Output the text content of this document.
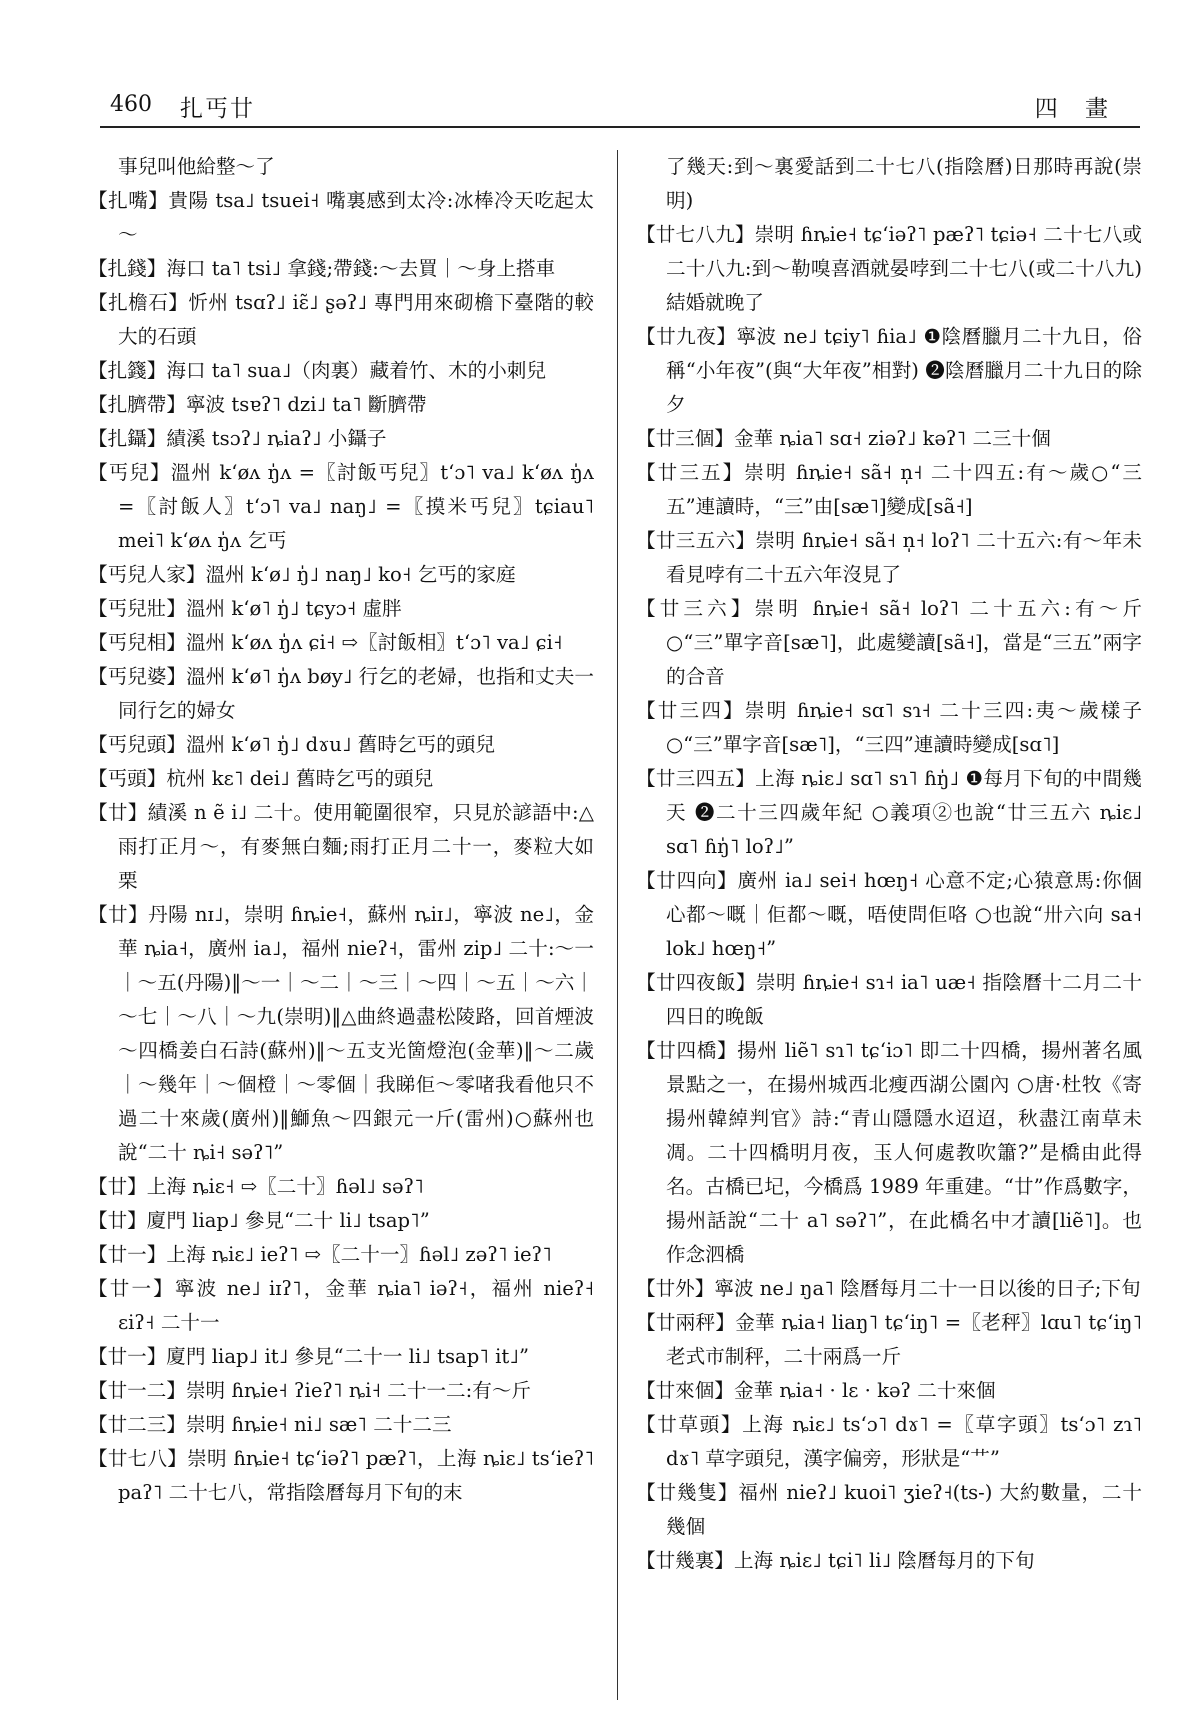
460 扎丐廿	四 畫

事兒叫他給整～了

【扎嘴】貴陽 tsa˩ tsuei˧ 嘴裏感到太冷:冰棒冷天吃起太～

【扎錢】海口 ta˥ tsi˩ 拿錢;帶錢:～去買｜～身上搭車

【扎檐石】忻州 tsɑʔ˩ iɛ̃˩ ʂəʔ˩ 專門用來砌檐下臺階的較大的石頭

【扎籛】海口 ta˥ sua˩（肉裏）藏着竹、木的小刺兒

【扎臍帶】寧波 tsɐʔ˥ dzi˩ ta˥ 斷臍帶

【扎鑷】績溪 tsɔʔ˩ ȵiaʔ˩ 小鑷子

【丐兒】溫州 kʻøʌ ŋ̍ʌ =〖討飯丐兒〗tʻɔ˥ va˩ kʻøʌ ŋ̍ʌ =〖討飯人〗tʻɔ˥ va˩ naŋ˩ =〖摸米丐兒〗tɕiau˥ mei˥ kʻøʌ ŋ̍ʌ 乞丐

【丐兒人家】溫州 kʻø˩ ŋ̍˩ naŋ˩ ko˧ 乞丐的家庭

【丐兒壯】溫州 kʻø˥ ŋ̍˩ tɕyɔ˧ 虛胖

【丐兒相】溫州 kʻøʌ ŋ̍ʌ ɕi˧ ⇨〖討飯相〗tʻɔ˥ va˩ ɕi˧

【丐兒婆】溫州 kʻø˥ ŋ̍ʌ bøy˩ 行乞的老婦，也指和丈夫一同行乞的婦女

【丐兒頭】溫州 kʻø˥ ŋ̍˩ dɤu˩ 舊時乞丐的頭兒

【丐頭】杭州 kɛ˥ dei˩ 舊時乞丐的頭兒

【廿】績溪 n ẽ i˩ 二十。使用範圍很窄，只見於諺語中:△雨打正月～，有麥無白麵;雨打正月二十一，麥粒大如栗

【廿】丹陽 nɪ˩，崇明 ɦȵie˧，蘇州 ȵiɪ˩，寧波 ne˩，金華 ȵia˧，廣州 ia˩，福州 nieʔ˧，雷州 zip˩ 二十:～一｜～五(丹陽)‖～一｜～二｜～三｜～四｜～五｜～六｜～七｜～八｜～九(崇明)‖△曲終過盡松陵路，回首煙波～四橋姜白石詩(蘇州)‖～五支光箇燈泡(金華)‖～二歲｜～幾年｜～個橙｜～零個｜我睇佢～零啫我看他只不過二十來歲(廣州)‖鰤魚～四銀元一斤(雷州)○蘇州也說“二十 ȵi˧ səʔ˥”

【廿】上海 ȵiɛ˧ ⇨〖二十〗ɦəl˩ səʔ˥

【廿】廈門 liap˩ 參見“二十 li˩ tsap˥”

【廿一】上海 ȵiɛ˩ ieʔ˥ ⇨〖二十一〗ɦəl˩ zəʔ˥ ieʔ˥

【廿一】寧波 ne˩ iɪʔ˥，金華 ȵia˥ iəʔ˧，福州 nieʔ˧ ɛiʔ˧ 二十一

【廿一】廈門 liap˩ it˩ 參見“二十一 li˩ tsap˥ it˩”

【廿一二】崇明 ɦȵie˧ ʔieʔ˥ ȵi˧ 二十一二:有～斤

【廿二三】崇明 ɦȵie˧ ni˩ sæ˥ 二十二三

【廿七八】崇明 ɦȵie˧ tɕʻiəʔ˥ pæʔ˥，上海 ȵiɛ˩ tsʻieʔ˥ paʔ˥ 二十七八，常指陰曆每月下旬的末

了幾天:到～裏愛話到二十七八(指陰曆)日那時再說(崇明)

【廿七八九】崇明 ɦȵie˧ tɕʻiəʔ˥ pæʔ˥ tɕiə˧ 二十七八或二十八九:到～勒嗅喜酒就晏哱到二十七八(或二十八九)結婚就晚了

【廿九夜】寧波 ne˩ tɕiy˥ ɦia˩ ❶陰曆臘月二十九日，俗稱“小年夜”(與“大年夜”相對) ❷陰曆臘月二十九日的除夕

【廿三個】金華 ȵia˥ sɑ˧ ziəʔ˩ kəʔ˥ 二三十個

【廿三五】崇明 ɦȵie˧ sã˧ n̩˧ 二十四五:有～歲○“三五”連讀時，“三”由[sæ˥]變成[sã˧]

【廿三五六】崇明 ɦȵie˧ sã˧ n̩˧ loʔ˥ 二十五六:有～年未看見哱有二十五六年沒見了

【廿三六】崇明 ɦȵie˧ sã˧ loʔ˥ 二十五六:有～斤○“三”單字音[sæ˥]，此處變讀[sã˧]，當是“三五”兩字的合音

【廿三四】崇明 ɦȵie˧ sɑ˥ sɿ˧ 二十三四:夷～歲樣子 ○“三”單字音[sæ˥]，“三四”連讀時變成[sɑ˥]

【廿三四五】上海 ȵiɛ˩ sɑ˥ sɿ˥ ɦŋ̍˩ ❶每月下旬的中間幾天 ❷二十三四歲年紀 ○義項②也說“廿三五六 ȵiɛ˩ sɑ˥ ɦŋ̍˥ loʔ˩”

【廿四向】廣州 ia˩ sei˧ hœŋ˧ 心意不定;心猿意馬:你個心都～嘅｜佢都～嘅，唔使問佢咯 ○也說“卅六向 sa˧ lok˩ hœŋ˧”

【廿四夜飯】崇明 ɦȵie˧ sɿ˧ ia˥ uæ˧ 指陰曆十二月二十四日的晚飯

【廿四橋】揚州 liẽ˥ sɿ˥ tɕʻiɔ˥ 即二十四橋，揚州著名風景點之一，在揚州城西北瘦西湖公園內 ○唐·杜牧《寄揚州韓綽判官》詩:“青山隱隱水迢迢，秋盡江南草未凋。二十四橋明月夜，玉人何處教吹簫?”是橋由此得名。古橋已圮，今橋爲 1989 年重建。“廿”作爲數字，揚州話說“二十 a˥ səʔ˥”，在此橋名中才讀[liẽ˥]。也作念泗橋

【廿外】寧波 ne˩ ŋa˥ 陰曆每月二十一日以後的日子;下旬

【廿兩秤】金華 ȵia˧ liaŋ˥ tɕʻiŋ˥ =〖老秤〗lɑu˥ tɕʻiŋ˥ 老式市制秤，二十兩爲一斤

【廿來個】金華 ȵia˧ · lɛ · kəʔ 二十來個

【廿草頭】上海 ȵiɛ˩ tsʻɔ˥ dɤ˥ =〖草字頭〗tsʻɔ˥ zɿ˥ dɤ˥ 草字頭兒，漢字偏旁，形狀是“艹”

【廿幾隻】福州 nieʔ˩ kuoi˥ ʒieʔ˧(ts-) 大約數量，二十幾個

【廿幾裏】上海 ȵiɛ˩ tɕi˥ li˩ 陰曆每月的下旬
